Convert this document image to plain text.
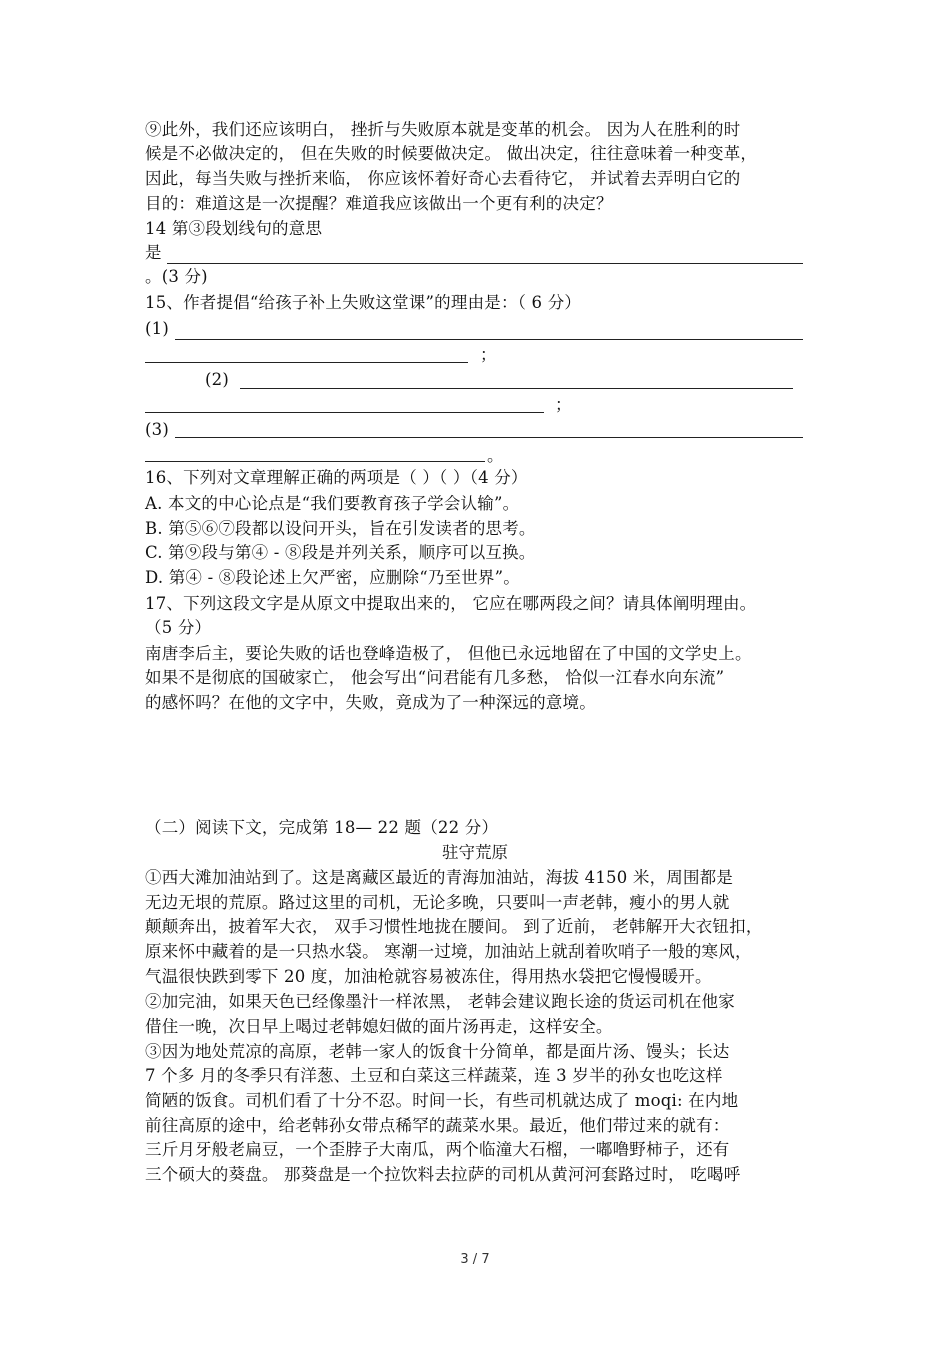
⑨此外，我们还应该明白， 挫折与失败原本就是变革的机会。 因为人在胜利的时
候是不必做决定的， 但在失败的时候要做决定。 做出决定，往往意味着一种变革，
因此，每当失败与挫折来临， 你应该怀着好奇心去看待它， 并试着去弄明白它的
目的：难道这是一次提醒？难道我应该做出一个更有利的决定？
14 第③段划线句的意思
是
。(3 分)
15、作者提倡“给孩子补上失败这堂课”的理由是：（ 6 分）
(1)
；
(2)
；
(3)
。
16、下列对文章理解正确的两项是（ ）（ ）（4 分）
A. 本文的中心论点是“我们要教育孩子学会认输”。
B. 第⑤⑥⑦段都以设问开头，旨在引发读者的思考。
C. 第⑨段与第④ - ⑧段是并列关系，顺序可以互换。
D. 第④ - ⑧段论述上欠严密，应删除“乃至世界”。
17、下列这段文字是从原文中提取出来的， 它应在哪两段之间？请具体阐明理由。
（5 分）
南唐李后主，要论失败的话也登峰造极了， 但他已永远地留在了中国的文学史上。
如果不是彻底的国破家亡， 他会写出“问君能有几多愁， 恰似一江春水向东流”
的感怀吗？在他的文字中，失败，竟成为了一种深远的意境。
（二）阅读下文，完成第 18— 22 题（22 分）
驻守荒原
①西大滩加油站到了。这是离藏区最近的青海加油站，海拔 4150 米，周围都是
无边无垠的荒原。路过这里的司机，无论多晚，只要叫一声老韩，瘦小的男人就
颠颠奔出，披着军大衣， 双手习惯性地拢在腰间。 到了近前， 老韩解开大衣钮扣，
原来怀中藏着的是一只热水袋。 寒潮一过境，加油站上就刮着吹哨子一般的寒风，
气温很快跌到零下 20 度，加油枪就容易被冻住，得用热水袋把它慢慢暖开。
②加完油，如果天色已经像墨汁一样浓黑， 老韩会建议跑长途的货运司机在他家
借住一晚，次日早上喝过老韩媳妇做的面片汤再走，这样安全。
③因为地处荒凉的高原，老韩一家人的饭食十分简单，都是面片汤、馒头；长达
7 个多 月的冬季只有洋葱、土豆和白菜这三样蔬菜，连 3 岁半的孙女也吃这样
简陋的饭食。司机们看了十分不忍。时间一长，有些司机就达成了 moqi: 在内地
前往高原的途中，给老韩孙女带点稀罕的蔬菜水果。最近，他们带过来的就有：
三斤月牙般老扁豆，一个歪脖子大南瓜，两个临潼大石榴，一嘟噜野柿子，还有
三个硕大的葵盘。 那葵盘是一个拉饮料去拉萨的司机从黄河河套路过时， 吃喝呼
3 / 7
